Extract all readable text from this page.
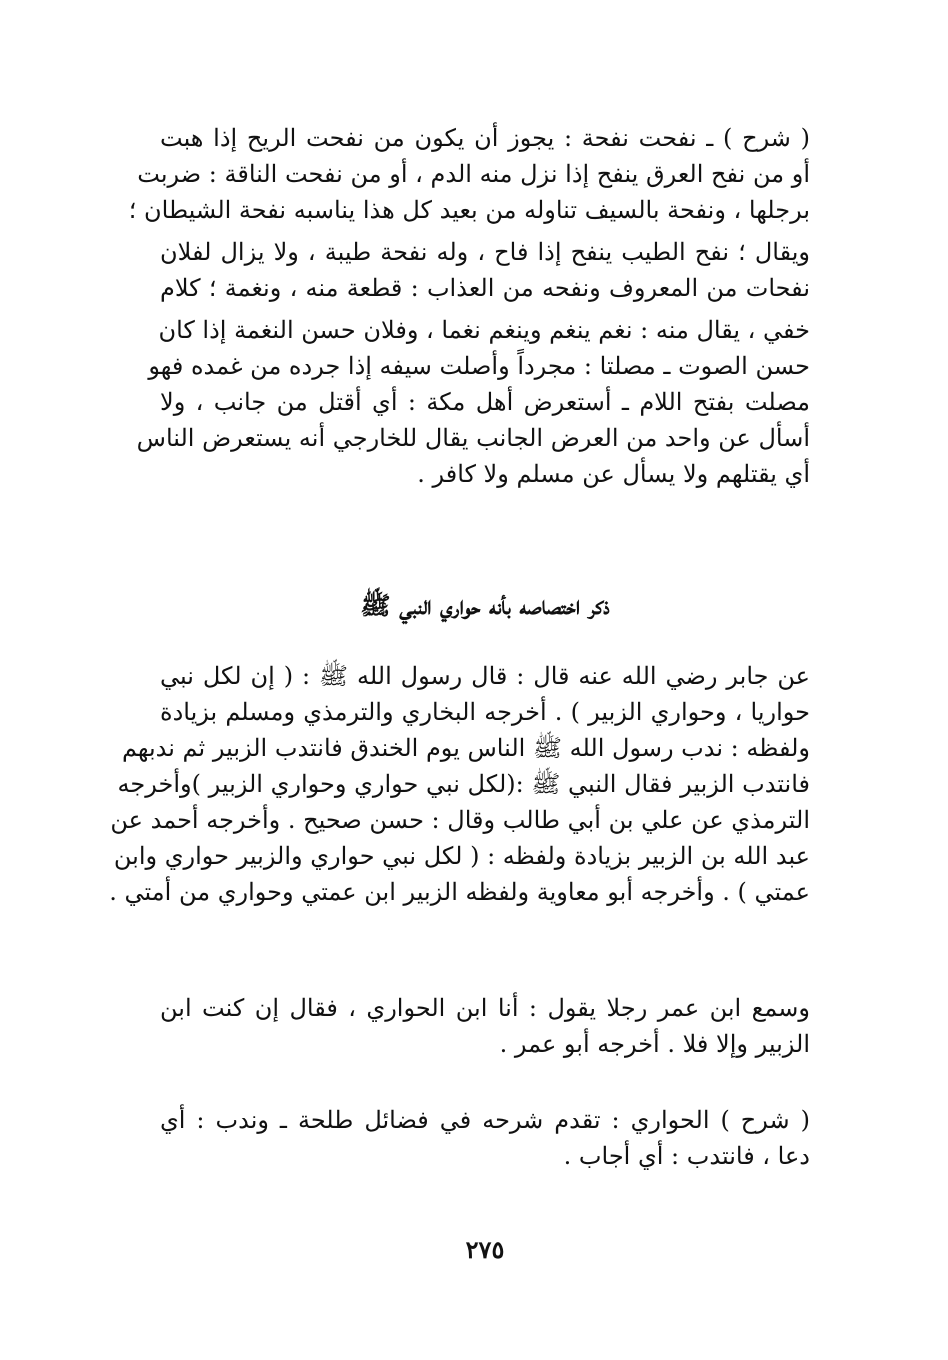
( شرح ) ـ نفحت نفحة : يجوز أن يكون من نفحت الريح إذا هبت
أو من نفح العرق ينفح إذا نزل منه الدم ، أو من نفحت الناقة : ضربت
برجلها ، ونفحة بالسيف تناوله من بعيد كل هذا يناسبه نفحة الشيطان ؛
ويقال ؛ نفح الطيب ينفح إذا فاح ، وله نفحة طيبة ، ولا يزال لفلان
نفحات من المعروف ونفحه من العذاب : قطعة منه ، ونغمة ؛ كلام
خفي ، يقال منه : نغم ينغم وينغم نغما ، وفلان حسن النغمة إذا كان
حسن الصوت ـ مصلتا : مجرداً وأصلت سيفه إذا جرده من غمده فهو
مصلت بفتح اللام ـ أستعرض أهل مكة : أي أقتل من جانب ، ولا
أسأل عن واحد من العرض الجانب يقال للخارجي أنه يستعرض الناس
أي يقتلهم ولا يسأل عن مسلم ولا كافر .
ذكر اختصاصه بأنه حواري النبي ﷺ
عن جابر رضي الله عنه قال : قال رسول الله ﷺ : ( إن لكل نبي
حواريا ، وحواري الزبير ) . أخرجه البخاري والترمذي ومسلم بزيادة
ولفظه : ندب رسول الله ﷺ الناس يوم الخندق فانتدب الزبير ثم ندبهم
فانتدب الزبير فقال النبي ﷺ :(لكل نبي حواري وحواري الزبير )وأخرجه
الترمذي عن علي بن أبي طالب وقال : حسن صحيح . وأخرجه أحمد عن
عبد الله بن الزبير بزيادة ولفظه : ( لكل نبي حواري والزبير حواري وابن
عمتي ) . وأخرجه أبو معاوية ولفظه الزبير ابن عمتي وحواري من أمتي .
وسمع ابن عمر رجلا يقول : أنا ابن الحواري ، فقال إن كنت ابن
الزبير وإلا فلا . أخرجه أبو عمر .
( شرح ) الحواري : تقدم شرحه في فضائل طلحة ـ وندب : أي
دعا ، فانتدب : أي أجاب .
٢٧٥
